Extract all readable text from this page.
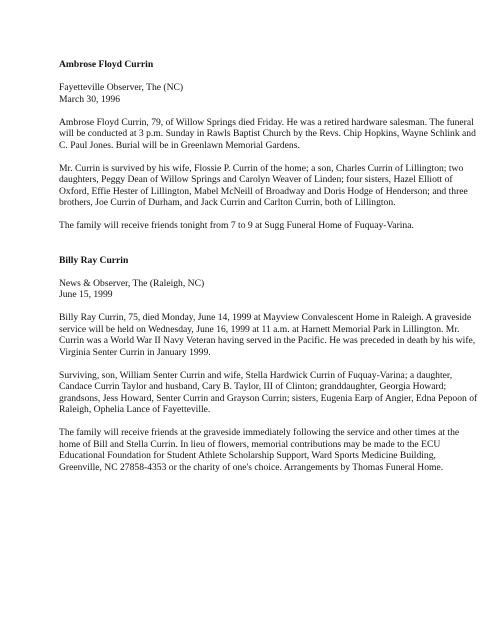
Ambrose Floyd Currin
Fayetteville Observer, The (NC)
March 30, 1996
Ambrose Floyd Currin, 79, of Willow Springs died Friday. He was a retired hardware salesman. The funeral will be conducted at 3 p.m. Sunday in Rawls Baptist Church by the Revs. Chip Hopkins, Wayne Schlink and C. Paul Jones. Burial will be in Greenlawn Memorial Gardens.
Mr. Currin is survived by his wife, Flossie P. Currin of the home; a son, Charles Currin of Lillington; two daughters, Peggy Dean of Willow Springs and Carolyn Weaver of Linden; four sisters, Hazel Elliott of Oxford, Effie Hester of Lillington, Mabel McNeill of Broadway and Doris Hodge of Henderson; and three brothers, Joe Currin of Durham, and Jack Currin and Carlton Currin, both of Lillington.
The family will receive friends tonight from 7 to 9 at Sugg Funeral Home of Fuquay-Varina.
Billy Ray Currin
News & Observer, The (Raleigh, NC)
June 15, 1999
Billy Ray Currin, 75, died Monday, June 14, 1999 at Mayview Convalescent Home in Raleigh. A graveside service will be held on Wednesday, June 16, 1999 at 11 a.m. at Harnett Memorial Park in Lillington. Mr. Currin was a World War II Navy Veteran having served in the Pacific. He was preceded in death by his wife, Virginia Senter Currin in January 1999.
Surviving, son, William Senter Currin and wife, Stella Hardwick Currin of Fuquay-Varina; a daughter, Candace Currin Taylor and husband, Cary B. Taylor, III of Clinton; granddaughter, Georgia Howard; grandsons, Jess Howard, Senter Currin and Grayson Currin; sisters, Eugenia Earp of Angier, Edna Pepoon of Raleigh, Ophelia Lance of Fayetteville.
The family will receive friends at the graveside immediately following the service and other times at the home of Bill and Stella Currin. In lieu of flowers, memorial contributions may be made to the ECU Educational Foundation for Student Athlete Scholarship Support, Ward Sports Medicine Building, Greenville, NC 27858-4353 or the charity of one's choice. Arrangements by Thomas Funeral Home.
